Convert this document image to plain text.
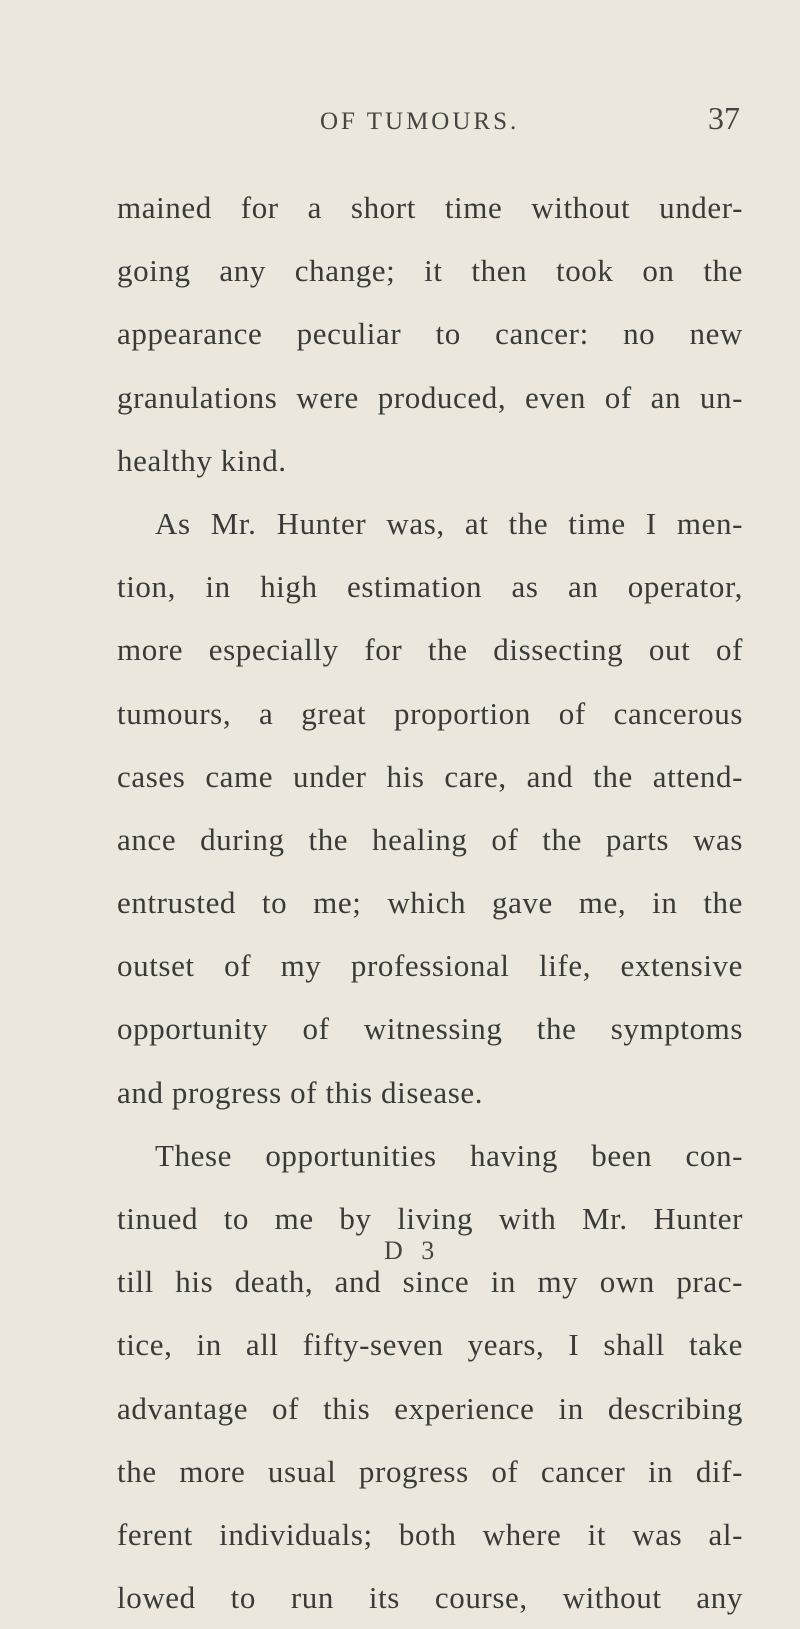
OF TUMOURS.	37
mained for a short time without under-
going any change; it then took on the
appearance peculiar to cancer: no new
granulations were produced, even of an un-
healthy kind.
As Mr. Hunter was, at the time I men-
tion, in high estimation as an operator,
more especially for the dissecting out of
tumours, a great proportion of cancerous
cases came under his care, and the attend-
ance during the healing of the parts was
entrusted to me; which gave me, in the
outset of my professional life, extensive
opportunity of witnessing the symptoms
and progress of this disease.
These opportunities having been con-
tinued to me by living with Mr. Hunter
till his death, and since in my own prac-
tice, in all fifty-seven years, I shall take
advantage of this experience in describing
the more usual progress of cancer in dif-
ferent individuals; both where it was al-
lowed to run its course, without any
D 3
